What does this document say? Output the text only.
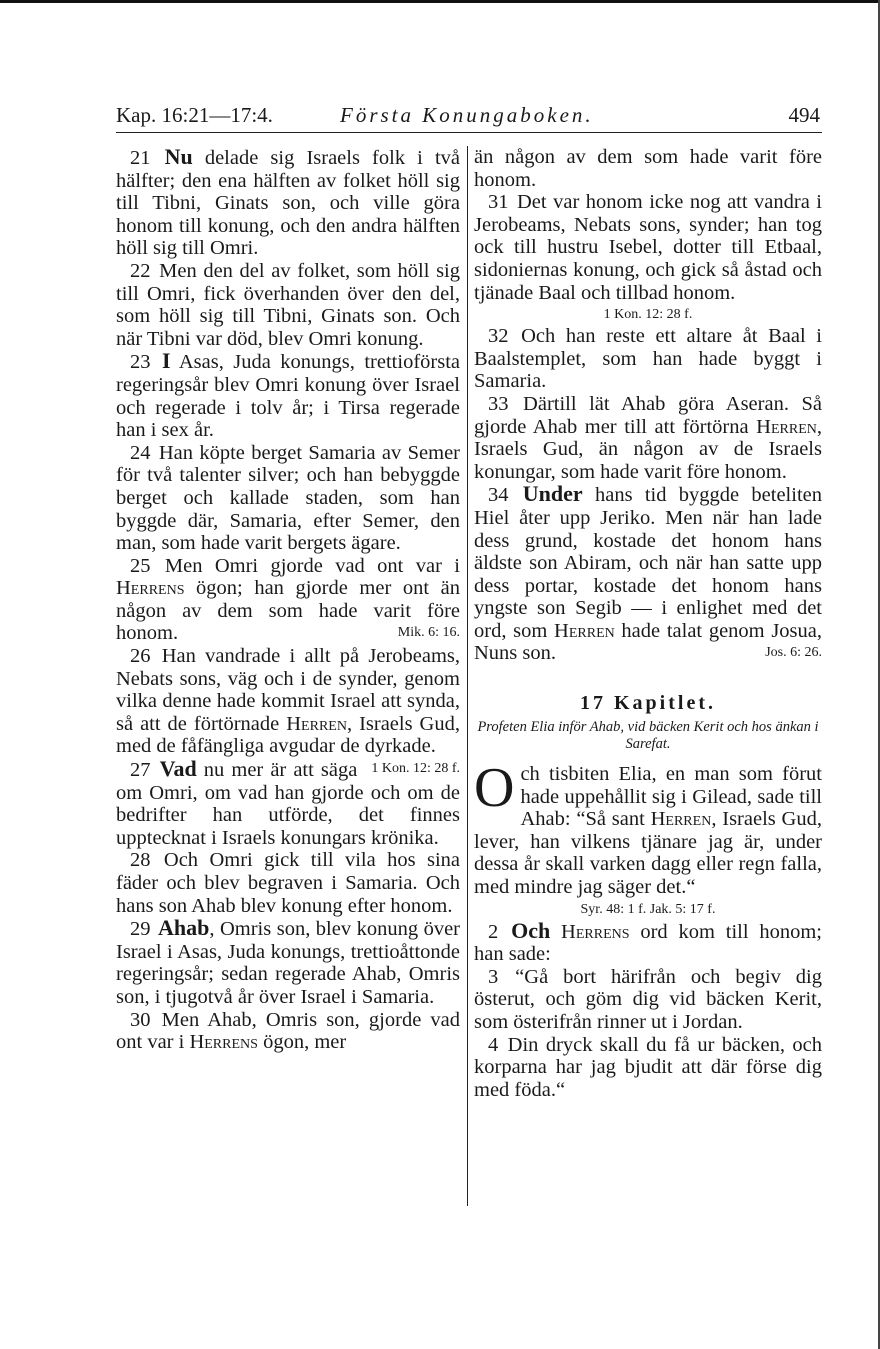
Kap. 16:21—17:4.	Första Konungaboken.	494

21 Nu delade sig Israels folk i två hälfter; den ena hälften av folket höll sig till Tibni, Ginats son, och ville göra honom till konung, och den andra hälften höll sig till Omri.

22 Men den del av folket, som höll sig till Omri, fick överhanden över den del, som höll sig till Tibni, Ginats son. Och när Tibni var död, blev Omri konung.

23 I Asas, Juda konungs, trettioförsta regeringsår blev Omri konung över Israel och regerade i tolv år; i Tirsa regerade han i sex år.

24 Han köpte berget Samaria av Semer för två talenter silver; och han bebyggde berget och kallade staden, som han byggde där, Samaria, efter Semer, den man, som hade varit bergets ägare.

25 Men Omri gjorde vad ont var i Herrens ögon; han gjorde mer ont än någon av dem som hade varit före honom.	Mik. 6: 16.

26 Han vandrade i allt på Jerobeams, Nebats sons, väg och i de synder, genom vilka denne hade kommit Israel att synda, så att de förtörnade Herren, Israels Gud, med de fåfängliga avgudar de dyrkade.
1 Kon. 12: 28 f.

27 Vad nu mer är att säga om Omri, om vad han gjorde och om de bedrifter han utförde, det finnes upptecknat i Israels konungars krönika.

28 Och Omri gick till vila hos sina fäder och blev begraven i Samaria. Och hans son Ahab blev konung efter honom.

29 Ahab, Omris son, blev konung över Israel i Asas, Juda konungs, trettioåttonde regeringsår; sedan regerade Ahab, Omris son, i tjugotvå år över Israel i Samaria.

30 Men Ahab, Omris son, gjorde vad ont var i Herrens ögon, mer

än någon av dem som hade varit före honom.

31 Det var honom icke nog att vandra i Jerobeams, Nebats sons, synder; han tog ock till hustru Isebel, dotter till Etbaal, sidoniernas konung, och gick så åstad och tjänade Baal och tillbad honom.

1 Kon. 12: 28 f.

32 Och han reste ett altare åt Baal i Baalstemplet, som han hade byggt i Samaria.

33 Därtill lät Ahab göra Aseran. Så gjorde Ahab mer till att förtörna Herren, Israels Gud, än någon av de Israels konungar, som hade varit före honom.

34 Under hans tid byggde beteliten Hiel åter upp Jeriko. Men när han lade dess grund, kostade det honom hans äldste son Abiram, och när han satte upp dess portar, kostade det honom hans yngste son Segib — i enlighet med det ord, som Herren hade talat genom Josua, Nuns son.	Jos. 6: 26.

17 Kapitlet.
Profeten Elia inför Ahab, vid bäcken Kerit och hos änkan i Sarefat.

Och tisbiten Elia, en man som förut hade uppehållit sig i Gilead, sade till Ahab: “Så sant Herren, Israels Gud, lever, han vilkens tjänare jag är, under dessa år skall varken dagg eller regn falla, med mindre jag säger det.“

Syr. 48: 1 f. Jak. 5: 17 f.

2 Och Herrens ord kom till honom; han sade:

3 “Gå bort härifrån och begiv dig österut, och göm dig vid bäcken Kerit, som österifrån rinner ut i Jordan.

4 Din dryck skall du få ur bäcken, och korparna har jag bjudit att där förse dig med föda.“
